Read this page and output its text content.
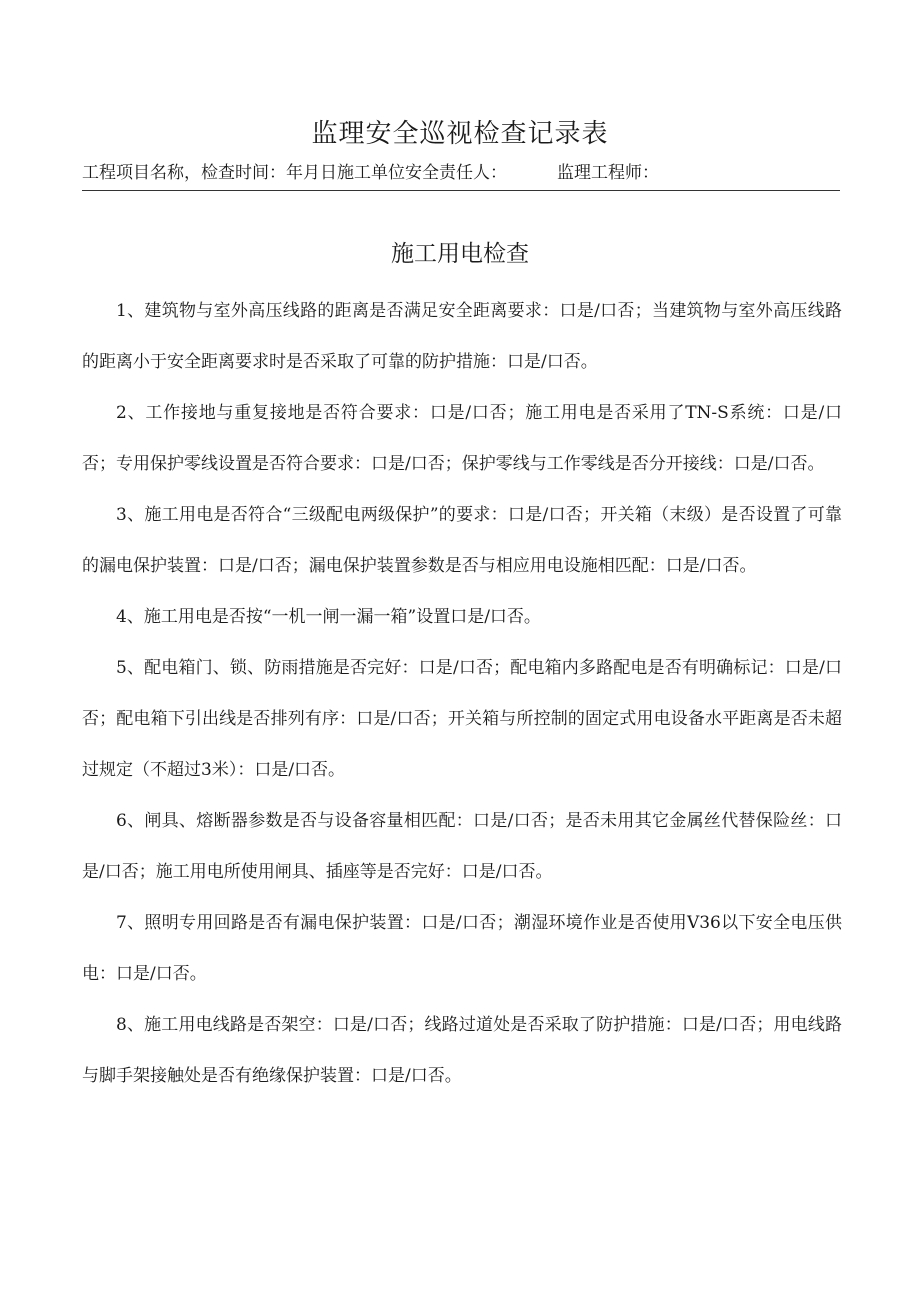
监理安全巡视检查记录表
工程项目名称，检查时间：年月日施工单位安全责任人：	监理工程师：
施工用电检查

1、建筑物与室外高压线路的距离是否满足安全距离要求：口是/口否；当建筑物与室外高压线路的距离小于安全距离要求时是否采取了可靠的防护措施：口是/口否。

2、工作接地与重复接地是否符合要求：口是/口否；施工用电是否采用了TN-S系统：口是/口否；专用保护零线设置是否符合要求：口是/口否；保护零线与工作零线是否分开接线：口是/口否。

3、施工用电是否符合“三级配电两级保护”的要求：口是/口否；开关箱（末级）是否设置了可靠的漏电保护装置：口是/口否；漏电保护装置参数是否与相应用电设施相匹配：口是/口否。

4、施工用电是否按“一机一闸一漏一箱”设置口是/口否。

5、配电箱门、锁、防雨措施是否完好：口是/口否；配电箱内多路配电是否有明确标记：口是/口否；配电箱下引出线是否排列有序：口是/口否；开关箱与所控制的固定式用电设备水平距离是否未超过规定（不超过3米）：口是/口否。

6、闸具、熔断器参数是否与设备容量相匹配：口是/口否；是否未用其它金属丝代替保险丝：口是/口否；施工用电所使用闸具、插座等是否完好：口是/口否。

7、照明专用回路是否有漏电保护装置：口是/口否；潮湿环境作业是否使用V36以下安全电压供电：口是/口否。

8、施工用电线路是否架空：口是/口否；线路过道处是否采取了防护措施：口是/口否；用电线路与脚手架接触处是否有绝缘保护装置：口是/口否。
